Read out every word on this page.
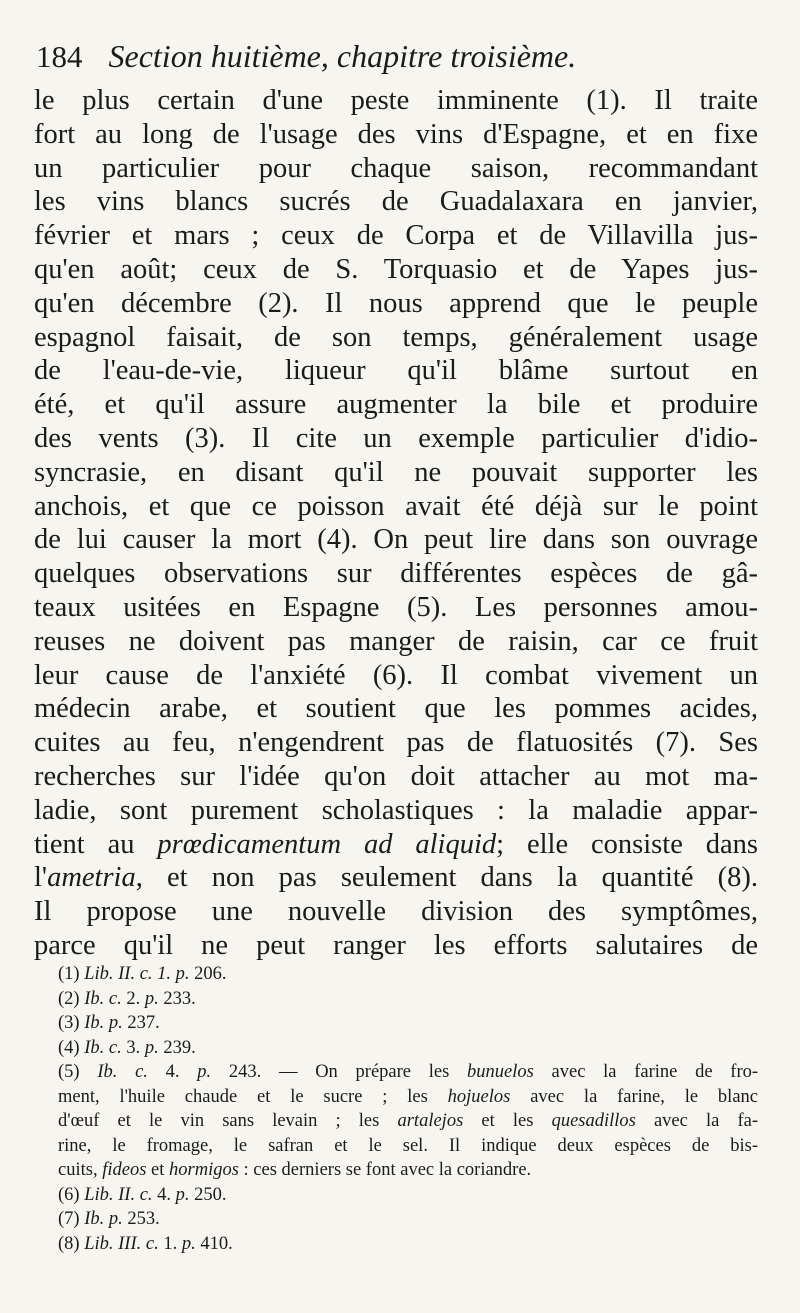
184 Section huitième, chapitre troisième.
le plus certain d'une peste imminente (1). Il traite
fort au long de l'usage des vins d'Espagne, et en fixe
un particulier pour chaque saison, recommandant
les vins blancs sucrés de Guadalaxara en janvier,
février et mars ; ceux de Corpa et de Villavilla jus-
qu'en août; ceux de S. Torquasio et de Yapes jus-
qu'en décembre (2). Il nous apprend que le peuple
espagnol faisait, de son temps, généralement usage
de l'eau-de-vie, liqueur qu'il blâme surtout en
été, et qu'il assure augmenter la bile et produire
des vents (3). Il cite un exemple particulier d'idio-
syncrasie, en disant qu'il ne pouvait supporter les
anchois, et que ce poisson avait été déjà sur le point
de lui causer la mort (4). On peut lire dans son ouvrage
quelques observations sur différentes espèces de gâ-
teaux usitées en Espagne (5). Les personnes amou-
reuses ne doivent pas manger de raisin, car ce fruit
leur cause de l'anxiété (6). Il combat vivement un
médecin arabe, et soutient que les pommes acides,
cuites au feu, n'engendrent pas de flatuosités (7). Ses
recherches sur l'idée qu'on doit attacher au mot ma-
ladie, sont purement scholastiques : la maladie appar-
tient au prœdicamentum ad aliquid; elle consiste dans
l'ametria, et non pas seulement dans la quantité (8).
Il propose une nouvelle division des symptômes,
parce qu'il ne peut ranger les efforts salutaires de
(1) Lib. II. c. 1. p. 206.
(2) Ib. c. 2. p. 233.
(3) Ib. p. 237.
(4) Ib. c. 3. p. 239.
(5) Ib. c. 4. p. 243. — On prépare les bunuelos avec la farine de fro-
ment, l'huile chaude et le sucre ; les hojuelos avec la farine, le blanc
d'œuf et le vin sans levain ; les artalejos et les quesadillos avec la fa-
rine, le fromage, le safran et le sel. Il indique deux espèces de bis-
cuits, fideos et hormigos : ces derniers se font avec la coriandre.
(6) Lib. II. c. 4. p. 250.
(7) Ib. p. 253.
(8) Lib. III. c. 1. p. 410.
